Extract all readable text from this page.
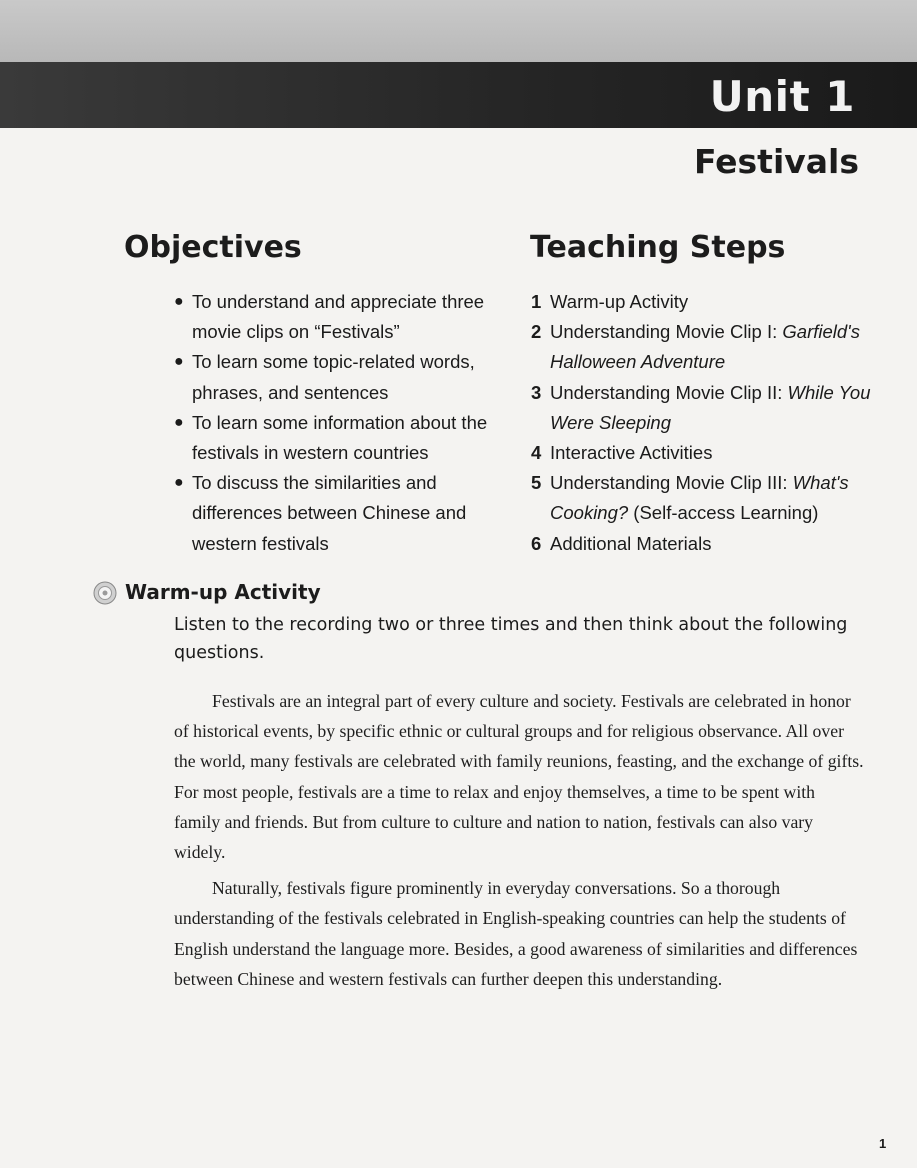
Unit 1
Festivals
Objectives	Teaching Steps
● To understand and appreciate three movie clips on “Festivals”
● To learn some topic-related words, phrases, and sentences
● To learn some information about the festivals in western countries
● To discuss the similarities and differences between Chinese and western festivals
1 Warm-up Activity
2 Understanding Movie Clip I: Garfield's Halloween Adventure
3 Understanding Movie Clip II: While You Were Sleeping
4 Interactive Activities
5 Understanding Movie Clip III: What's Cooking? (Self-access Learning)
6 Additional Materials
Warm-up Activity

Listen to the recording two or three times and then think about the following questions.

Festivals are an integral part of every culture and society. Festivals are celebrated in honor of historical events, by specific ethnic or cultural groups and for religious observance. All over the world, many festivals are celebrated with family reunions, feasting, and the exchange of gifts. For most people, festivals are a time to relax and enjoy themselves, a time to be spent with family and friends. But from culture to culture and nation to nation, festivals can also vary widely.

Naturally, festivals figure prominently in everyday conversations. So a thorough understanding of the festivals celebrated in English-speaking countries can help the students of English understand the language more. Besides, a good awareness of similarities and differences between Chinese and western festivals can further deepen this understanding.

1
